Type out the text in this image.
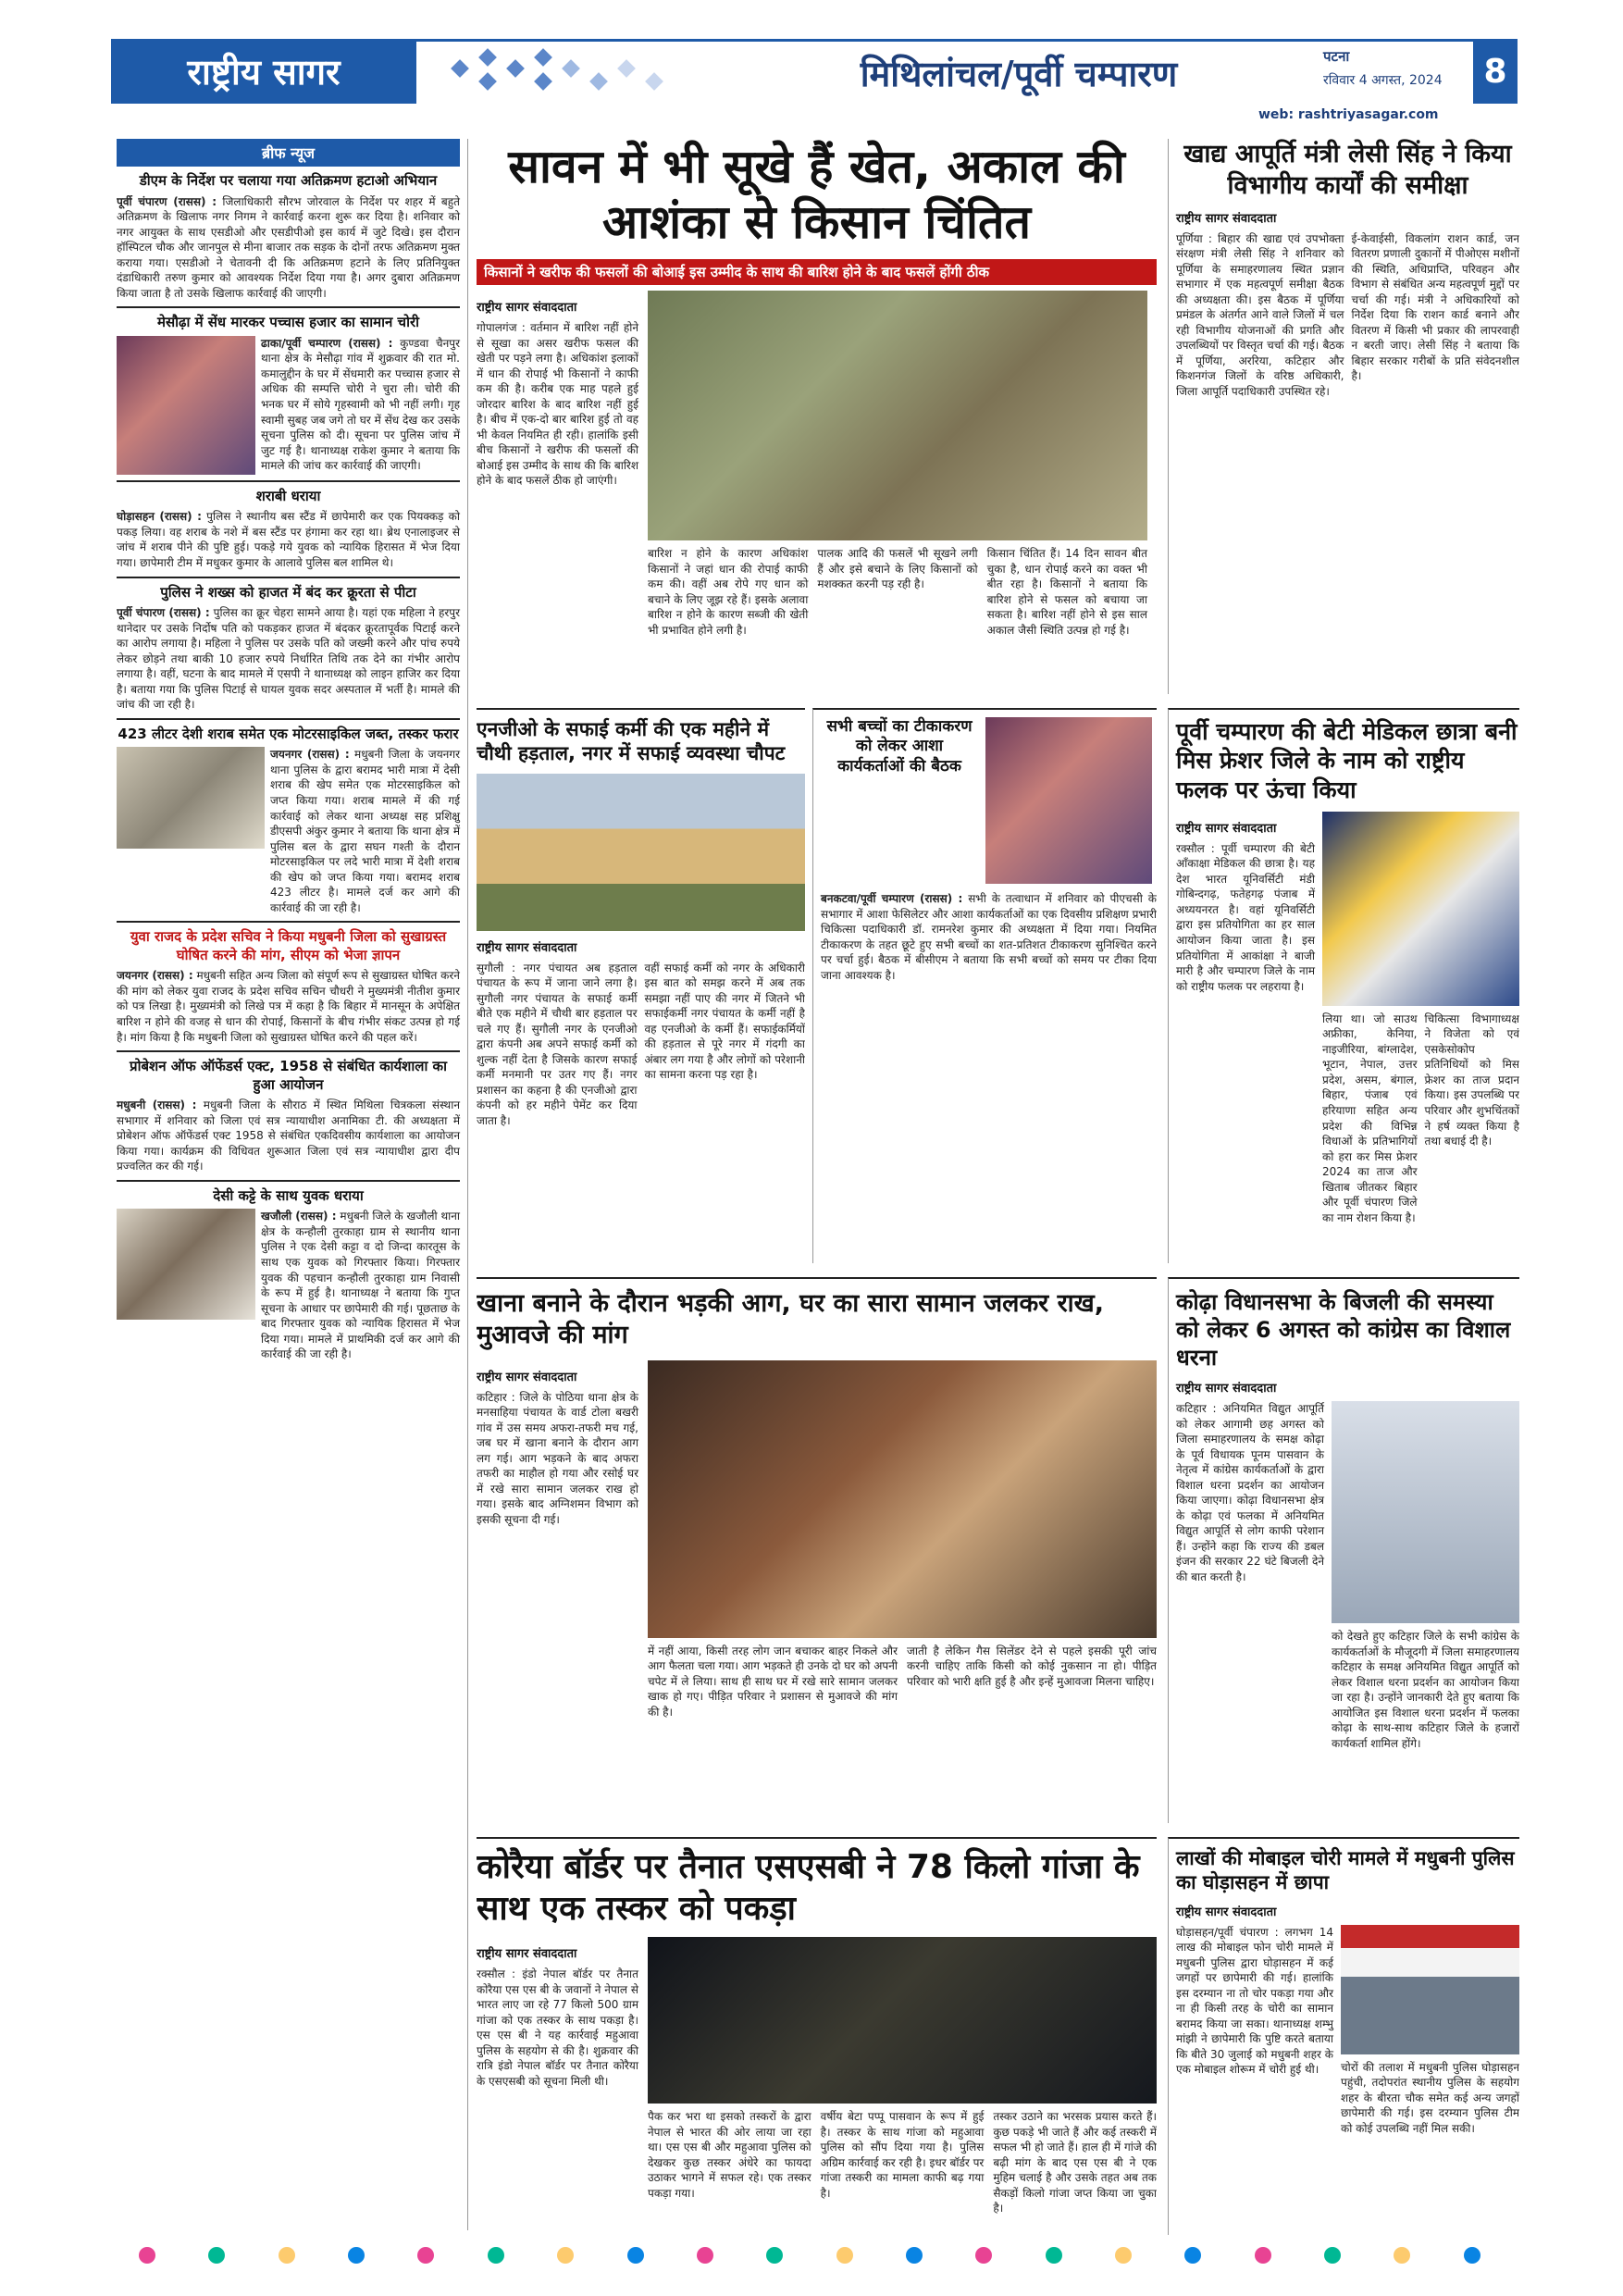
राष्ट्रीय सागर	मिथिलांचल/पूर्वी चम्पारण	पटना
रविवार 4 अगस्त, 2024	8
web: rashtriyasagar.com
ब्रीफ न्यूज
डीएम के निर्देश पर चलाया गया अतिक्रमण हटाओ अभियान
पूर्वी चंपारण (रासस) : जिलाधिकारी सौरभ जोरवाल के निर्देश पर शहर में बहुते अतिक्रमण के खिलाफ नगर निगम ने कार्रवाई करना शुरू कर दिया है। शनिवार को नगर आयुक्त के साथ एसडीओ और एसडीपीओ इस कार्य में जुटे दिखे। इस दौरान हॉस्पिटल चौक और जानपुल से मीना बाजार तक सड़क के दोनों तरफ अतिक्रमण मुक्त कराया गया। एसडीओ ने चेतावनी दी कि अतिक्रमण हटाने के लिए प्रतिनियुक्त दंडाधिकारी तरुण कुमार को आवश्यक निर्देश दिया गया है। अगर दुबारा अतिक्रमण किया जाता है तो उसके खिलाफ कार्रवाई की जाएगी।
मेसौढ़ा में सेंध मारकर पच्चास हजार का सामान चोरी
ढाका/पूर्वी चम्पारण (रासस) : कुण्डवा चैनपुर थाना क्षेत्र के मेसौढ़ा गांव में शुक्रवार की रात मो. कमालुद्दीन के घर में सेंधमारी कर पच्चास हजार से अधिक की सम्पत्ति चोरी ने चुरा ली। चोरी की भनक घर में सोये गृहस्वामी को भी नहीं लगी। गृह स्वामी सुबह जब जगे तो घर में सेंध देख कर उसके सूचना पुलिस को दी। सूचना पर पुलिस जांच में जुट गई है। थानाध्यक्ष राकेश कुमार ने बताया कि मामले की जांच कर कार्रवाई की जाएगी।
शराबी धराया
घोड़ासहन (रासस) : पुलिस ने स्थानीय बस स्टैंड में छापेमारी कर एक पियक्कड़ को पकड़ लिया। वह शराब के नशे में बस स्टैंड पर हंगामा कर रहा था। ब्रेथ एनालाइजर से जांच में शराब पीने की पुष्टि हुई। पकड़े गये युवक को न्यायिक हिरासत में भेज दिया गया। छापेमारी टीम में मधुकर कुमार के आलावे पुलिस बल शामिल थे।
पुलिस ने शख्स को हाजत में बंद कर क्रूरता से पीटा
पूर्वी चंपारण (रासस) : पुलिस का क्रूर चेहरा सामने आया है। यहां एक महिला ने हरपुर थानेदार पर उसके निर्दोष पति को पकड़कर हाजत में बंदकर क्रूरतापूर्वक पिटाई करने का आरोप लगाया है। महिला ने पुलिस पर उसके पति को जख्मी करने और पांच रुपये लेकर छोड़ने तथा बाकी 10 हजार रुपये निर्धारित तिथि तक देने का गंभीर आरोप लगाया है। वहीं, घटना के बाद मामले में एसपी ने थानाध्यक्ष को लाइन हाजिर कर दिया है। बताया गया कि पुलिस पिटाई से घायल युवक सदर अस्पताल में भर्ती है। मामले की जांच की जा रही है।
423 लीटर देशी शराब समेत एक मोटरसाइकिल जब्त, तस्कर फरार
जयनगर (रासस) : मधुबनी जिला के जयनगर थाना पुलिस के द्वारा बरामद भारी मात्रा में देसी शराब की खेप समेत एक मोटरसाइकिल को जप्त किया गया। शराब मामले में की गई कार्रवाई को लेकर थाना अध्यक्ष सह प्रशिक्षु डीएसपी अंकुर कुमार ने बताया कि थाना क्षेत्र में पुलिस बल के द्वारा सघन गश्ती के दौरान मोटरसाइकिल पर लदे भारी मात्रा में देशी शराब की खेप को जप्त किया गया। बरामद शराब 423 लीटर है। मामले दर्ज कर आगे की कार्रवाई की जा रही है।
युवा राजद के प्रदेश सचिव ने किया मधुबनी जिला को सुखाग्रस्त घोषित करने की मांग, सीएम को भेजा ज्ञापन
जयनगर (रासस) : मधुबनी सहित अन्य जिला को संपूर्ण रूप से सुखाग्रस्त घोषित करने की मांग को लेकर युवा राजद के प्रदेश सचिव सचिन चौधरी ने मुख्यमंत्री नीतीश कुमार को पत्र लिखा है। मुख्यमंत्री को लिखे पत्र में कहा है कि बिहार में मानसून के अपेक्षित बारिश न होने की वजह से धान की रोपाई, किसानों के बीच गंभीर संकट उत्पन्न हो गई है। मांग किया है कि मधुबनी जिला को सुखाग्रस्त घोषित करने की पहल करें।
प्रोबेशन ऑफ ऑफेंडर्स एक्ट, 1958 से संबंधित कार्यशाला का हुआ आयोजन
मधुबनी (रासस) : मधुबनी जिला के सौराठ में स्थित मिथिला चित्रकला संस्थान सभागार में शनिवार को जिला एवं सत्र न्यायाधीश अनामिका टी. की अध्यक्षता में प्रोबेशन ऑफ ऑफेंडर्स एक्ट 1958 से संबंधित एकदिवसीय कार्यशाला का आयोजन किया गया। कार्यक्रम की विधिवत शुरूआत जिला एवं सत्र न्यायाधीश द्वारा दीप प्रज्वलित कर की गई।
देसी कट्टे के साथ युवक धराया
खजौली (रासस) : मधुबनी जिले के खजौली थाना क्षेत्र के कन्हौली तुरकाहा ग्राम से स्थानीय थाना पुलिस ने एक देसी कट्टा व दो जिन्दा कारतूस के साथ एक युवक को गिरफ्तार किया। गिरफ्तार युवक की पहचान कन्हौली तुरकाहा ग्राम निवासी के रूप में हुई है। थानाध्यक्ष ने बताया कि गुप्त सूचना के आधार पर छापेमारी की गई। पूछताछ के बाद गिरफ्तार युवक को न्यायिक हिरासत में भेज दिया गया। मामले में प्राथमिकी दर्ज कर आगे की कार्रवाई की जा रही है।
सावन में भी सूखे हैं खेत, अकाल की आशंका से किसान चिंतित
किसानों ने खरीफ की फसलों की बोआई इस उम्मीद के साथ की बारिश होने के बाद फसलें होंगी ठीक
राष्ट्रीय सागर संवाददाता
गोपालगंज : वर्तमान में बारिश नहीं होने से सूखा का असर खरीफ फसल की खेती पर पड़ने लगा है। अधिकांश इलाकों में धान की रोपाई भी किसानों ने काफी कम की है। करीब एक माह पहले हुई जोरदार बारिश के बाद बारिश नहीं हुई है। बीच में एक-दो बार बारिश हुई तो वह भी केवल नियमित ही रही। हालांकि इसी बीच किसानों ने खरीफ की फसलों की बोआई इस उम्मीद के साथ की कि बारिश होने के बाद फसलें ठीक हो जाएंगी।
बारिश न होने के कारण अधिकांश किसानों ने जहां धान की रोपाई काफी कम की। वहीं अब रोपे गए धान को बचाने के लिए जूझ रहे हैं। इसके अलावा बारिश न होने के कारण सब्जी की खेती भी प्रभावित होने लगी है।
पालक आदि की फसलें भी सूखने लगी हैं और इसे बचाने के लिए किसानों को मशक्कत करनी पड़ रही है।
किसान चिंतित हैं। 14 दिन सावन बीत चुका है, धान रोपाई करने का वक्त भी बीत रहा है। किसानों ने बताया कि बारिश होने से फसल को बचाया जा सकता है। बारिश नहीं होने से इस साल अकाल जैसी स्थिति उत्पन्न हो गई है।
खाद्य आपूर्ति मंत्री लेसी सिंह ने किया विभागीय कार्यों की समीक्षा
राष्ट्रीय सागर संवाददाता
पूर्णिया : बिहार की खाद्य एवं उपभोक्ता संरक्षण मंत्री लेसी सिंह ने शनिवार को पूर्णिया के समाहरणालय स्थित प्रज्ञान सभागार में एक महत्वपूर्ण समीक्षा बैठक की अध्यक्षता की। इस बैठक में पूर्णिया प्रमंडल के अंतर्गत आने वाले जिलों में चल रही विभागीय योजनाओं की प्रगति और उपलब्धियों पर विस्तृत चर्चा की गई। बैठक में पूर्णिया, अररिया, कटिहार और किशनगंज जिलों के वरिष्ठ अधिकारी, जिला आपूर्ति पदाधिकारी उपस्थित रहे।
ई-केवाईसी, विकलांग राशन कार्ड, जन वितरण प्रणाली दुकानों में पीओएस मशीनों की स्थिति, अधिप्राप्ति, परिवहन और विभाग से संबंधित अन्य महत्वपूर्ण मुद्दों पर चर्चा की गई। मंत्री ने अधिकारियों को निर्देश दिया कि राशन कार्ड बनाने और वितरण में किसी भी प्रकार की लापरवाही न बरती जाए। लेसी सिंह ने बताया कि बिहार सरकार गरीबों के प्रति संवेदनशील है।
एनजीओ के सफाई कर्मी की एक महीने में चौथी हड़ताल, नगर में सफाई व्यवस्था चौपट
राष्ट्रीय सागर संवाददाता
सुगौली : नगर पंचायत अब हड़ताल पंचायत के रूप में जाना जाने लगा है। सुगौली नगर पंचायत के सफाई कर्मी बीते एक महीने में चौथी बार हड़ताल पर चले गए हैं। सुगौली नगर के एनजीओ द्वारा कंपनी अब अपने सफाई कर्मी को शुल्क नहीं देता है जिसके कारण सफाई कर्मी मनमानी पर उतर गए हैं। नगर प्रशासन का कहना है की एनजीओ द्वारा कंपनी को हर महीने पेमेंट कर दिया जाता है।
वहीं सफाई कर्मी को नगर के अधिकारी इस बात को समझ करने में अब तक समझा नहीं पाए की नगर में जितने भी सफाईकर्मी नगर पंचायत के कर्मी नहीं है वह एनजीओ के कर्मी हैं। सफाईकर्मियों की हड़ताल से पूरे नगर में गंदगी का अंबार लग गया है और लोगों को परेशानी का सामना करना पड़ रहा है।
सभी बच्चों का टीकाकरण को लेकर आशा कार्यकर्ताओं की बैठक
बनकटवा/पूर्वी चम्पारण (रासस) : सभी के तत्वाधान में शनिवार को पीएचसी के सभागार में आशा फेसिलेटर और आशा कार्यकर्ताओं का एक दिवसीय प्रशिक्षण प्रभारी चिकित्सा पदाधिकारी डॉ. रामनरेश कुमार की अध्यक्षता में दिया गया। नियमित टीकाकरण के तहत छूटे हुए सभी बच्चों का शत-प्रतिशत टीकाकरण सुनिश्चित करने पर चर्चा हुई। बैठक में बीसीएम ने बताया कि सभी बच्चों को समय पर टीका दिया जाना आवश्यक है।
पूर्वी चम्पारण की बेटी मेडिकल छात्रा बनी मिस फ्रेशर जिले के नाम को राष्ट्रीय फलक पर ऊंचा किया
राष्ट्रीय सागर संवाददाता
रक्सौल : पूर्वी चम्पारण की बेटी आँकाक्षा मेडिकल की छात्रा है। यह देश भारत यूनिवर्सिटी मंडी गोबिन्दगढ़, फतेहगढ़ पंजाब में अध्ययनरत है। वहां यूनिवर्सिटी द्वारा इस प्रतियोगिता का हर साल आयोजन किया जाता है। इस प्रतियोगिता में आकांक्षा ने बाजी मारी है और चम्पारण जिले के नाम को राष्ट्रीय फलक पर लहराया है।
लिया था। जो साउथ अफ्रीका, केनिया, नाइजीरिया, बांग्लादेश, भूटान, नेपाल, उत्तर प्रदेश, असम, बंगाल, बिहार, पंजाब एवं हरियाणा सहित अन्य प्रदेश की विभिन्न विधाओं के प्रतिभागियों को हरा कर मिस फ्रेशर 2024 का ताज और खिताब जीतकर बिहार और पूर्वी चंपारण जिले का नाम रोशन किया है।
चिकित्सा विभागाध्यक्ष ने विजेता को एवं एसकेसोकोप प्रतिनिधियों को मिस फ्रेशर का ताज प्रदान किया। इस उपलब्धि पर परिवार और शुभचिंतकों ने हर्ष व्यक्त किया है तथा बधाई दी है।
खाना बनाने के दौरान भड़की आग, घर का सारा सामान जलकर राख, मुआवजे की मांग
राष्ट्रीय सागर संवाददाता
कटिहार : जिले के पोठिया थाना क्षेत्र के मनसाहिया पंचायत के वार्ड टोला बखरी गांव में उस समय अफरा-तफरी मच गई, जब घर में खाना बनाने के दौरान आग लग गई। आग भड़कने के बाद अफरा तफरी का माहौल हो गया और रसोई घर में रखे सारा सामान जलकर राख हो गया। इसके बाद अग्निशमन विभाग को इसकी सूचना दी गई।
में नहीं आया, किसी तरह लोग जान बचाकर बाहर निकले और आग फैलता चला गया। आग भड़कते ही उनके दो घर को अपनी चपेट में ले लिया। साथ ही साथ घर में रखे सारे सामान जलकर खाक हो गए। पीड़ित परिवार ने प्रशासन से मुआवजे की मांग की है।
जाती है लेकिन गैस सिलेंडर देने से पहले इसकी पूरी जांच करनी चाहिए ताकि किसी को कोई नुकसान ना हो। पीड़ित परिवार को भारी क्षति हुई है और इन्हें मुआवजा मिलना चाहिए।
कोढ़ा विधानसभा के बिजली की समस्या को लेकर 6 अगस्त को कांग्रेस का विशाल धरना
राष्ट्रीय सागर संवाददाता
कटिहार : अनियमित विद्युत आपूर्ति को लेकर आगामी छह अगस्त को जिला समाहरणालय के समक्ष कोढ़ा के पूर्व विधायक पूनम पासवान के नेतृत्व में कांग्रेस कार्यकर्ताओं के द्वारा विशाल धरना प्रदर्शन का आयोजन किया जाएगा। कोढ़ा विधानसभा क्षेत्र के कोढ़ा एवं फलका में अनियमित विद्युत आपूर्ति से लोग काफी परेशान हैं। उन्होंने कहा कि राज्य की डबल इंजन की सरकार 22 घंटे बिजली देने की बात करती है।
को देखते हुए कटिहार जिले के सभी कांग्रेस के कार्यकर्ताओं के मौजूदगी में जिला समाहरणालय कटिहार के समक्ष अनियमित विद्युत आपूर्ति को लेकर विशाल धरना प्रदर्शन का आयोजन किया जा रहा है। उन्होंने जानकारी देते हुए बताया कि आयोजित इस विशाल धरना प्रदर्शन में फलका कोढ़ा के साथ-साथ कटिहार जिले के हजारों कार्यकर्ता शामिल होंगे।
कोरैया बॉर्डर पर तैनात एसएसबी ने 78 किलो गांजा के साथ एक तस्कर को पकड़ा
राष्ट्रीय सागर संवाददाता
रक्सौल : इंडो नेपाल बॉर्डर पर तैनात कोरैया एस एस बी के जवानों ने नेपाल से भारत लाए जा रहे 77 किलो 500 ग्राम गांजा को एक तस्कर के साथ पकड़ा है। एस एस बी ने यह कार्रवाई महुआवा पुलिस के सहयोग से की है। शुक्रवार की रात्रि इंडो नेपाल बॉर्डर पर तैनात कोरैया के एसएसबी को सूचना मिली थी।
पैक कर भरा था इसको तस्करों के द्वारा नेपाल से भारत की ओर लाया जा रहा था। एस एस बी और महुआवा पुलिस को देखकर कुछ तस्कर अंधेरे का फायदा उठाकर भागने में सफल रहे। एक तस्कर पकड़ा गया।
वर्षीय बेटा पप्पू पासवान के रूप में हुई है। तस्कर के साथ गांजा को महुआवा पुलिस को सौंप दिया गया है। पुलिस अग्रिम कार्रवाई कर रही है। इधर बॉर्डर पर गांजा तस्करी का मामला काफी बढ़ गया है।
तस्कर उठाने का भरसक प्रयास करते हैं। कुछ पकड़े भी जाते हैं और कई तस्करी में सफल भी हो जाते हैं। हाल ही में गांजे की बढ़ी मांग के बाद एस एस बी ने एक मुहिम चलाई है और उसके तहत अब तक सैकड़ों किलो गांजा जप्त किया जा चुका है।
लाखों की मोबाइल चोरी मामले में मधुबनी पुलिस का घोड़ासहन में छापा
राष्ट्रीय सागर संवाददाता
घोड़ासहन/पूर्वी चंपारण : लगभग 14 लाख की मोबाइल फोन चोरी मामले में मधुबनी पुलिस द्वारा घोड़ासहन में कई जगहों पर छापेमारी की गई। हालांकि इस दरम्यान ना तो चोर पकड़ा गया और ना ही किसी तरह के चोरी का सामान बरामद किया जा सका। थानाध्यक्ष शम्भु मांझी ने छापेमारी कि पुष्टि करते बताया कि बीते 30 जुलाई को मधुबनी शहर के एक मोबाइल शोरूम में चोरी हुई थी।	चोरों की तलाश में मधुबनी पुलिस घोड़ासहन पहुंची, तदोपरांत स्थानीय पुलिस के सहयोग शहर के बीरता चौक समेत कई अन्य जगहों छापेमारी की गई। इस दरम्यान पुलिस टीम को कोई उपलब्धि नहीं मिल सकी।
